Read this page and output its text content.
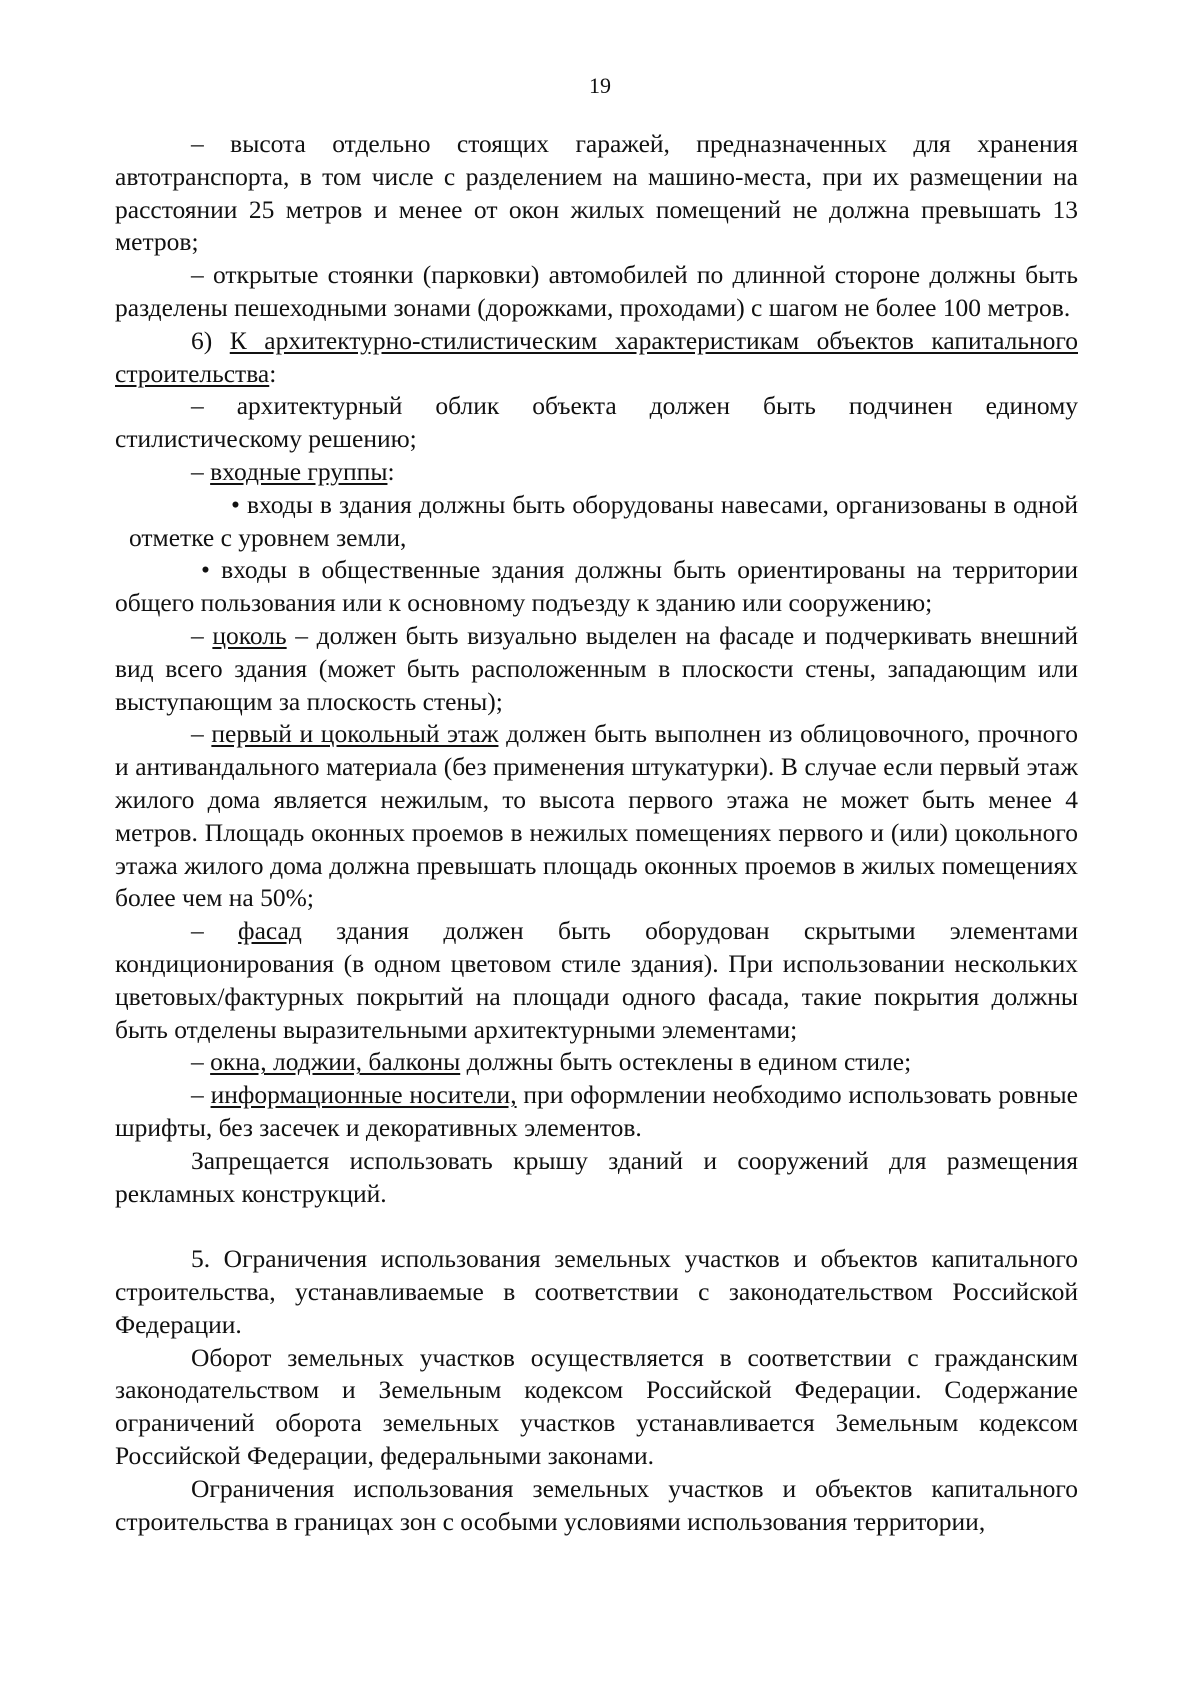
19

– высота отдельно стоящих гаражей, предназначенных для хранения автотранспорта, в том числе с разделением на машино-места, при их размещении на расстоянии 25 метров и менее от окон жилых помещений не должна превышать 13 метров;

– открытые стоянки (парковки) автомобилей по длинной стороне должны быть разделены пешеходными зонами (дорожками, проходами) с шагом не более 100 метров.

6) К архитектурно-стилистическим характеристикам объектов капитального строительства:

– архитектурный облик объекта должен быть подчинен единому стилистическому решению;

– входные группы:

• входы в здания должны быть оборудованы навесами, организованы в одной отметке с уровнем земли,

• входы в общественные здания должны быть ориентированы на территории общего пользования или к основному подъезду к зданию или сооружению;

– цоколь – должен быть визуально выделен на фасаде и подчеркивать внешний вид всего здания (может быть расположенным в плоскости стены, западающим или выступающим за плоскость стены);

– первый и цокольный этаж должен быть выполнен из облицовочного, прочного и антивандального материала (без применения штукатурки). В случае если первый этаж жилого дома является нежилым, то высота первого этажа не может быть менее 4 метров. Площадь оконных проемов в нежилых помещениях первого и (или) цокольного этажа жилого дома должна превышать площадь оконных проемов в жилых помещениях более чем на 50%;

– фасад здания должен быть оборудован скрытыми элементами кондиционирования (в одном цветовом стиле здания). При использовании нескольких цветовых/фактурных покрытий на площади одного фасада, такие покрытия должны быть отделены выразительными архитектурными элементами;

– окна, лоджии, балконы должны быть остеклены в едином стиле;

– информационные носители, при оформлении необходимо использовать ровные шрифты, без засечек и декоративных элементов.

Запрещается использовать крышу зданий и сооружений для размещения рекламных конструкций.

5. Ограничения использования земельных участков и объектов капитального строительства, устанавливаемые в соответствии с законодательством Российской Федерации.

Оборот земельных участков осуществляется в соответствии с гражданским законодательством и Земельным кодексом Российской Федерации. Содержание ограничений оборота земельных участков устанавливается Земельным кодексом Российской Федерации, федеральными законами.

Ограничения использования земельных участков и объектов капитального строительства в границах зон с особыми условиями использования территории,
